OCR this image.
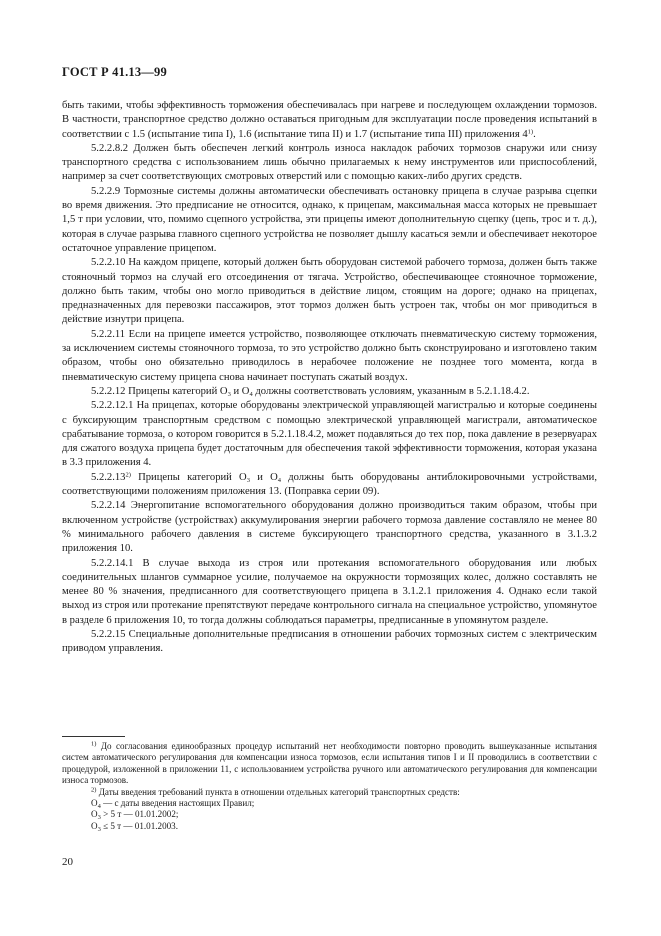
ГОСТ Р 41.13—99

быть такими, чтобы эффективность торможения обеспечивалась при нагреве и последующем охлаждении тормозов. В частности, транспортное средство должно оставаться пригодным для эксплуатации после проведения испытаний в соответствии с 1.5 (испытание типа I), 1.6 (испытание типа II) и 1.7 (испытание типа III) приложения 4$^{1)}$.

5.2.2.8.2 Должен быть обеспечен легкий контроль износа накладок рабочих тормозов снаружи или снизу транспортного средства с использованием лишь обычно прилагаемых к нему инструментов или приспособлений, например за счет соответствующих смотровых отверстий или с помощью каких-либо других средств.

5.2.2.9 Тормозные системы должны автоматически обеспечивать остановку прицепа в случае разрыва сцепки во время движения. Это предписание не относится, однако, к прицепам, максимальная масса которых не превышает 1,5 т при условии, что, помимо сцепного устройства, эти прицепы имеют дополнительную сцепку (цепь, трос и т. д.), которая в случае разрыва главного сцепного устройства не позволяет дышлу касаться земли и обеспечивает некоторое остаточное управление прицепом.

5.2.2.10 На каждом прицепе, который должен быть оборудован системой рабочего тормоза, должен быть также стояночный тормоз на случай его отсоединения от тягача. Устройство, обеспечивающее стояночное торможение, должно быть таким, чтобы оно могло приводиться в действие лицом, стоящим на дороге; однако на прицепах, предназначенных для перевозки пассажиров, этот тормоз должен быть устроен так, чтобы он мог приводиться в действие изнутри прицепа.

5.2.2.11 Если на прицепе имеется устройство, позволяющее отключать пневматическую систему торможения, за исключением системы стояночного тормоза, то это устройство должно быть сконструировано и изготовлено таким образом, чтобы оно обязательно приводилось в нерабочее положение не позднее того момента, когда в пневматическую систему прицепа снова начинает поступать сжатый воздух.

5.2.2.12 Прицепы категорий $O_3$ и $O_4$ должны соответствовать условиям, указанным в 5.2.1.18.4.2.

5.2.2.12.1 На прицепах, которые оборудованы электрической управляющей магистралью и которые соединены с буксирующим транспортным средством с помощью электрической управляющей магистрали, автоматическое срабатывание тормоза, о котором говорится в 5.2.1.18.4.2, может подавляться до тех пор, пока давление в резервуарах для сжатого воздуха прицепа будет достаточным для обеспечения такой эффективности торможения, которая указана в 3.3 приложения 4.

5.2.2.13$^{2)}$ Прицепы категорий $O_3$ и $O_4$ должны быть оборудованы антиблокировочными устройствами, соответствующими положениям приложения 13. (Поправка серии 09).

5.2.2.14 Энергопитание вспомогательного оборудования должно производиться таким образом, чтобы при включенном устройстве (устройствах) аккумулирования энергии рабочего тормоза давление составляло не менее 80 % минимального рабочего давления в системе буксирующего транспортного средства, указанного в 3.1.3.2 приложения 10.

5.2.2.14.1 В случае выхода из строя или протекания вспомогательного оборудования или любых соединительных шлангов суммарное усилие, получаемое на окружности тормозящих колес, должно составлять не менее 80 % значения, предписанного для соответствующего прицепа в 3.1.2.1 приложения 4. Однако если такой выход из строя или протекание препятствуют передаче контрольного сигнала на специальное устройство, упомянутое в разделе 6 приложения 10, то тогда должны соблюдаться параметры, предписанные в упомянутом разделе.

5.2.2.15 Специальные дополнительные предписания в отношении рабочих тормозных систем с электрическим приводом управления.

$^{1)}$ До согласования единообразных процедур испытаний нет необходимости повторно проводить вышеуказанные испытания систем автоматического регулирования для компенсации износа тормозов, если испытания типов I и II проводились в соответствии с процедурой, изложенной в приложении 11, с использованием устройства ручного или автоматического регулирования для компенсации износа тормозов.

$^{2)}$ Даты введения требований пункта в отношении отдельных категорий транспортных средств:

$O_4$ — с даты введения настоящих Правил;

$O_3 > 5$ т — 01.01.2002;

$O_3 \le 5$ т — 01.01.2003.

20
